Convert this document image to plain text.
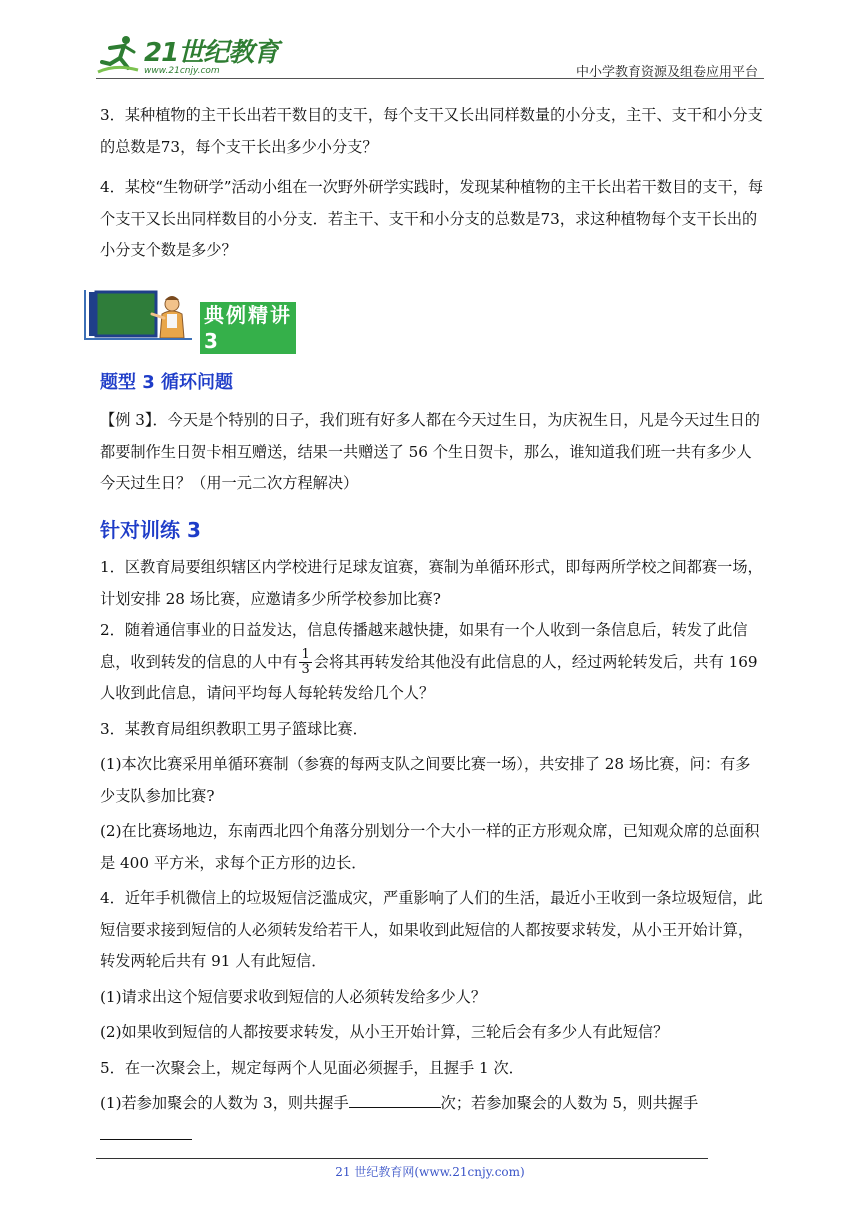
21世纪教育
www.21cnjy.com	中小学教育资源及组卷应用平台

3．某种植物的主干长出若干数目的支干，每个支干又长出同样数量的小分支，主干、支干和小分支的总数是73，每个支干长出多少小分支？

4．某校“生物研学”活动小组在一次野外研学实践时，发现某种植物的主干长出若干数目的支干，每个支干又长出同样数目的小分支．若主干、支干和小分支的总数是73，求这种植物每个支干长出的小分支个数是多少？

典例精讲 3
题型 3 循环问题

【例 3】．今天是个特别的日子，我们班有好多人都在今天过生日，为庆祝生日，凡是今天过生日的都要制作生日贺卡相互赠送，结果一共赠送了 56 个生日贺卡，那么，谁知道我们班一共有多少人今天过生日？（用一元二次方程解决）

针对训练 3

1．区教育局要组织辖区内学校进行足球友谊赛，赛制为单循环形式，即每两所学校之间都赛一场，计划安排 28 场比赛，应邀请多少所学校参加比赛?

2．随着通信事业的日益发达，信息传播越来越快捷，如果有一个人收到一条信息后，转发了此信息，收到转发的信息的人中有 $\frac{1}{3}$ 会将其再转发给其他没有此信息的人，经过两轮转发后，共有 169 人收到此信息，请问平均每人每轮转发给几个人？

3．某教育局组织教职工男子篮球比赛．

(1)本次比赛采用单循环赛制（参赛的每两支队之间要比赛一场），共安排了 28 场比赛，问：有多少支队参加比赛?

(2)在比赛场地边，东南西北四个角落分别划分一个大小一样的正方形观众席，已知观众席的总面积是 400 平方米，求每个正方形的边长．

4．近年手机微信上的垃圾短信泛滥成灾，严重影响了人们的生活，最近小王收到一条垃圾短信，此短信要求接到短信的人必须转发给若干人，如果收到此短信的人都按要求转发，从小王开始计算，转发两轮后共有 91 人有此短信．

(1)请求出这个短信要求收到短信的人必须转发给多少人？

(2)如果收到短信的人都按要求转发，从小王开始计算，三轮后会有多少人有此短信？

5．在一次聚会上，规定每两个人见面必须握手，且握手 1 次．

(1)若参加聚会的人数为 3，则共握手	次；若参加聚会的人数为 5，则共握手

21 世纪教育网(www.21cnjy.com)
